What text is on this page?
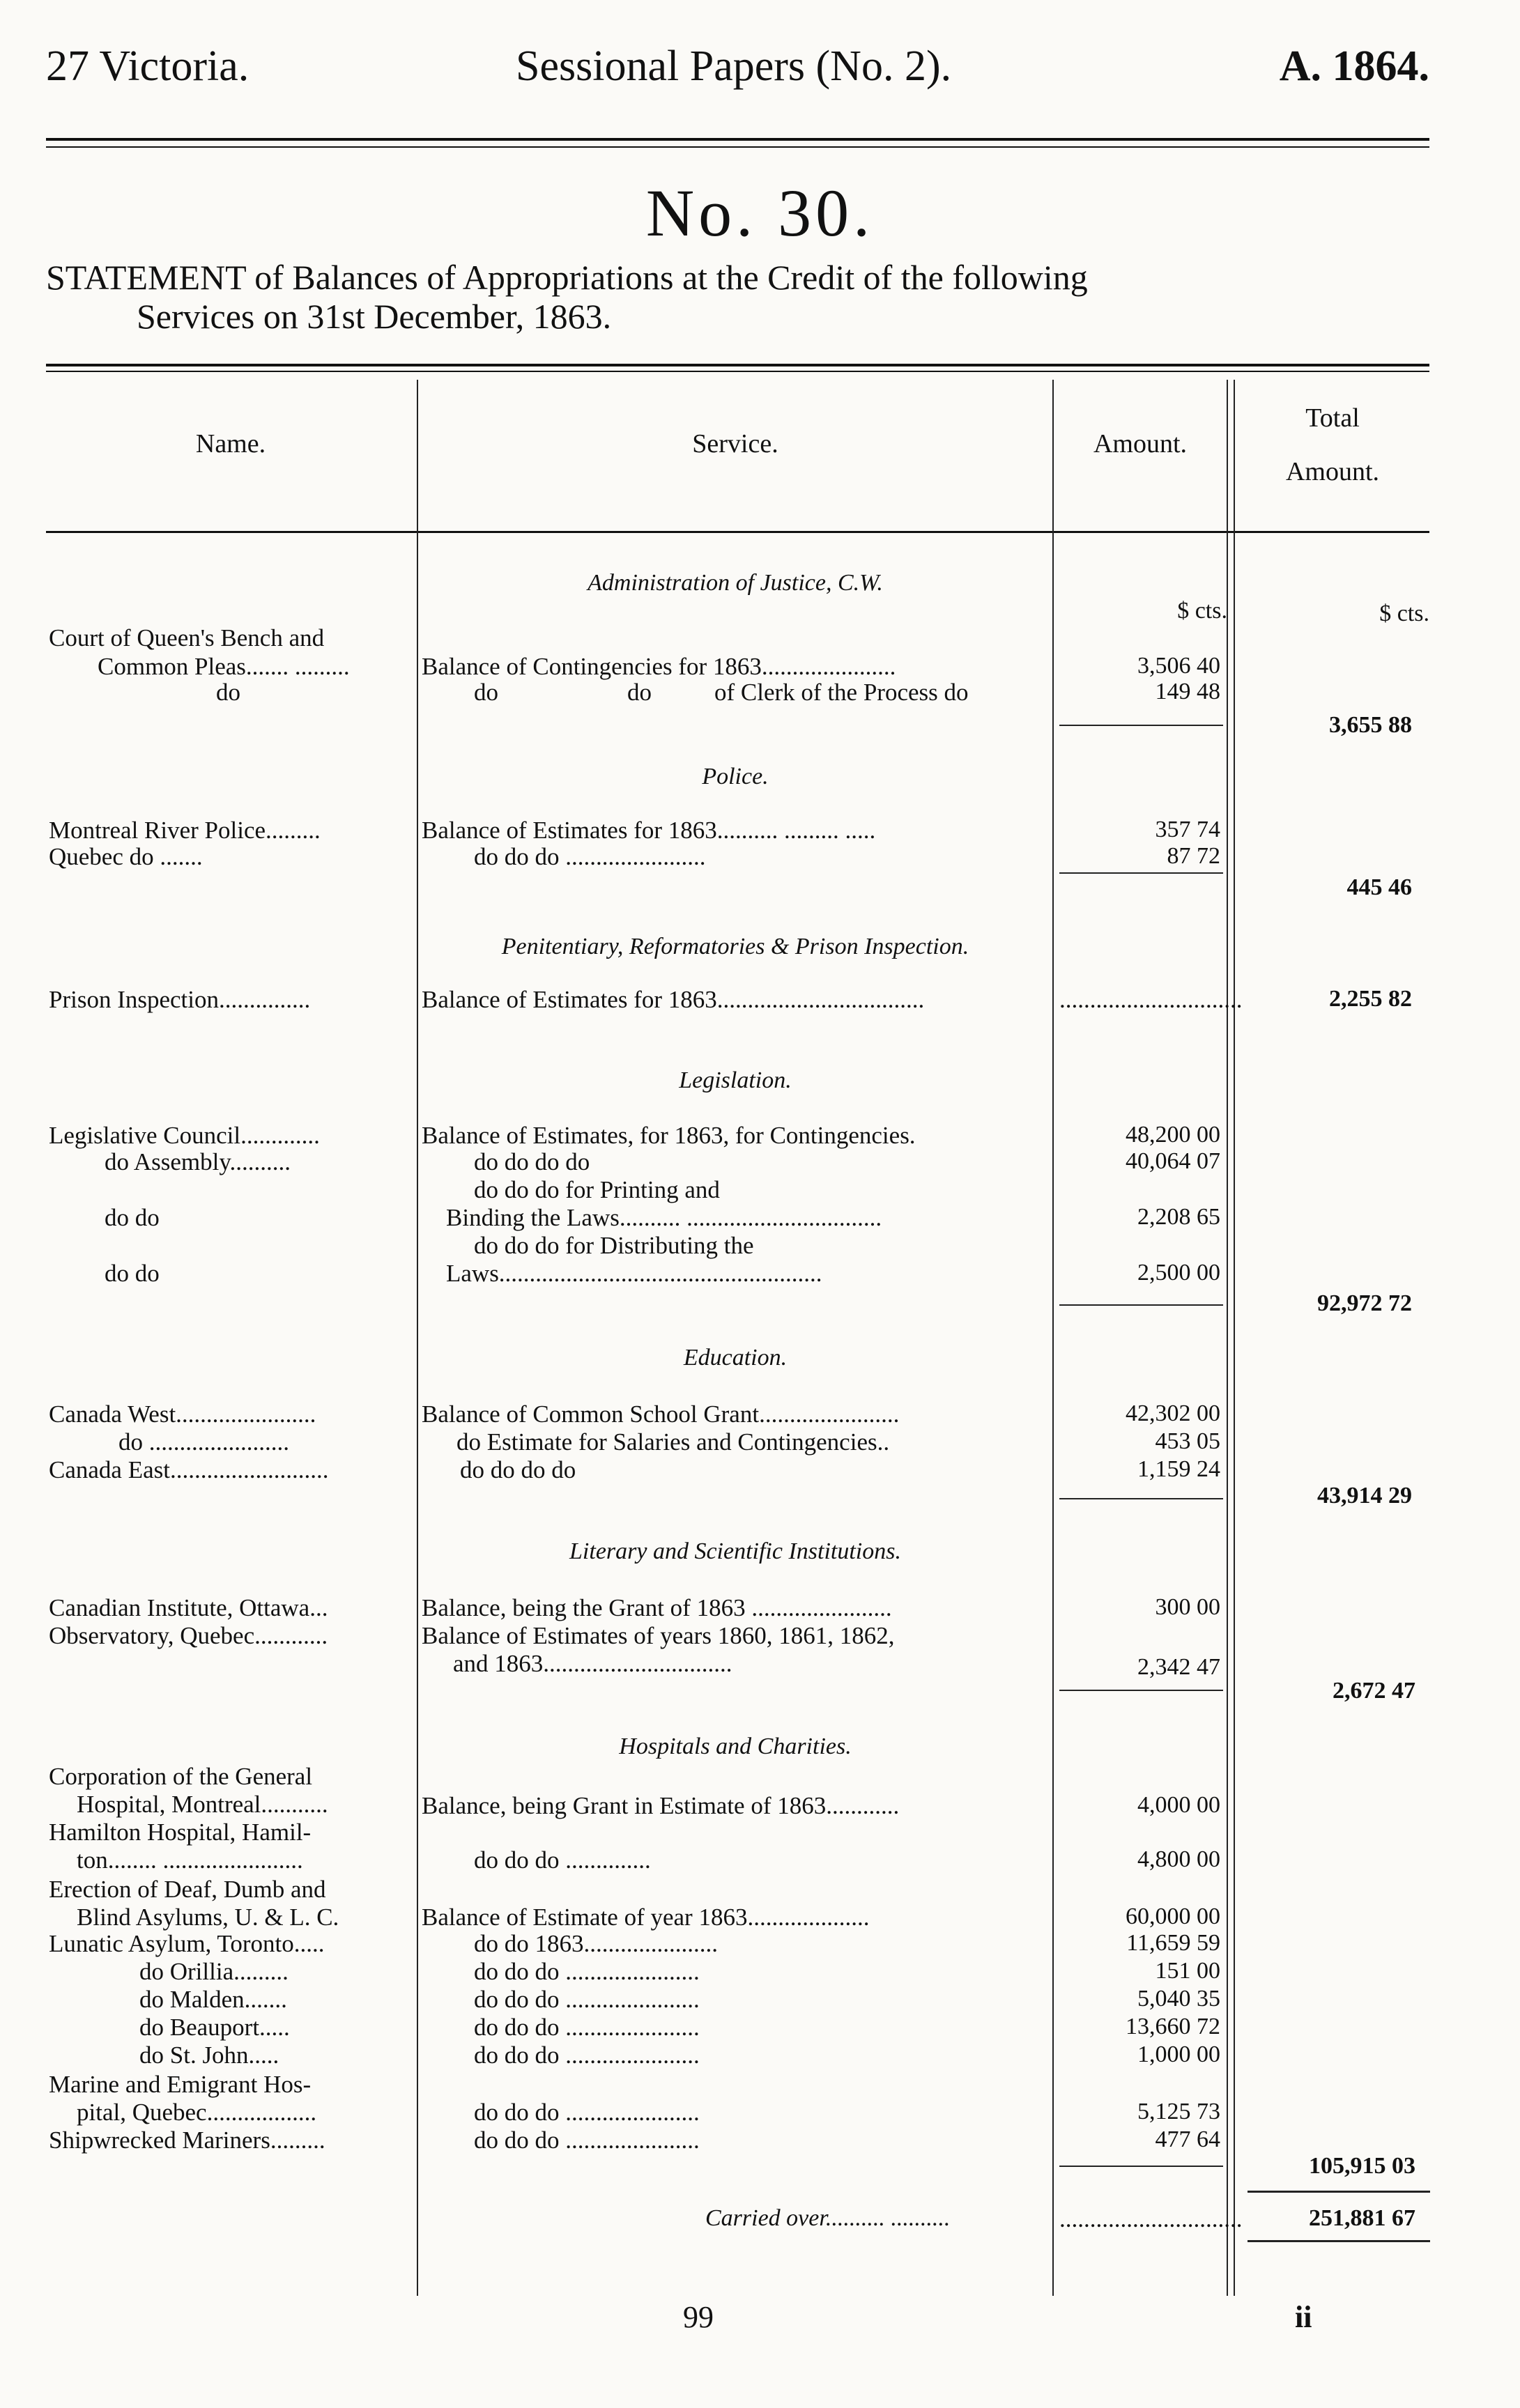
27 Victoria.	Sessional Papers (No. 2).	A. 1864.
No. 30.
STATEMENT of Balances of Appropriations at the Credit of the following
Services on 31st December, 1863.
Name.	Service.	Amount.
Total
Amount.
Administration of Justice, C.W.
$ cts.	$ cts.
Court of Queen's Bench and
Common Pleas....... .........	Balance of Contingencies for 1863......................	3,506 40
do	do	do	of Clerk of the Process do	149 48
3,655 88
Police.
Montreal River Police.........	Balance of Estimates for 1863.......... ......... .....	357 74
Quebec do .......	do do do .......................	87 72
445 46
Penitentiary, Reformatories & Prison Inspection.
Prison Inspection...............	Balance of Estimates for 1863..................................	..............................	2,255 82
Legislation.
Legislative Council.............	Balance of Estimates, for 1863, for Contingencies.	48,200 00
do Assembly..........	do do do do	40,064 07
do do do for Printing and
do do	Binding the Laws.......... ................................	2,208 65
do do do for Distributing the
do do	Laws.....................................................	2,500 00
92,972 72
Education.
Canada West.......................	Balance of Common School Grant.......................	42,302 00
do .......................	do Estimate for Salaries and Contingencies..	453 05
Canada East..........................	do do do do	1,159 24
43,914 29
Literary and Scientific Institutions.
Canadian Institute, Ottawa...	Balance, being the Grant of 1863 .......................	300 00
Observatory, Quebec............	Balance of Estimates of years 1860, 1861, 1862,
and 1863...............................	2,342 47
2,672 47
Hospitals and Charities.
Corporation of the General
Hospital, Montreal...........	Balance, being Grant in Estimate of 1863............	4,000 00
Hamilton Hospital, Hamil-
ton........ .......................	do do do ..............	4,800 00
Erection of Deaf, Dumb and
Blind Asylums, U. & L. C.	Balance of Estimate of year 1863....................	60,000 00
Lunatic Asylum, Toronto.....	do do 1863......................	11,659 59
do Orillia.........	do do do ......................	151 00
do Malden.......	do do do ......................	5,040 35
do Beauport.....	do do do ......................	13,660 72
do St. John.....	do do do ......................	1,000 00
Marine and Emigrant Hos-
pital, Quebec..................	do do do ......................	5,125 73
Shipwrecked Mariners.........	do do do ......................	477 64
105,915 03
Carried over.......... ..........	..............................	251,881 67
99	ii
